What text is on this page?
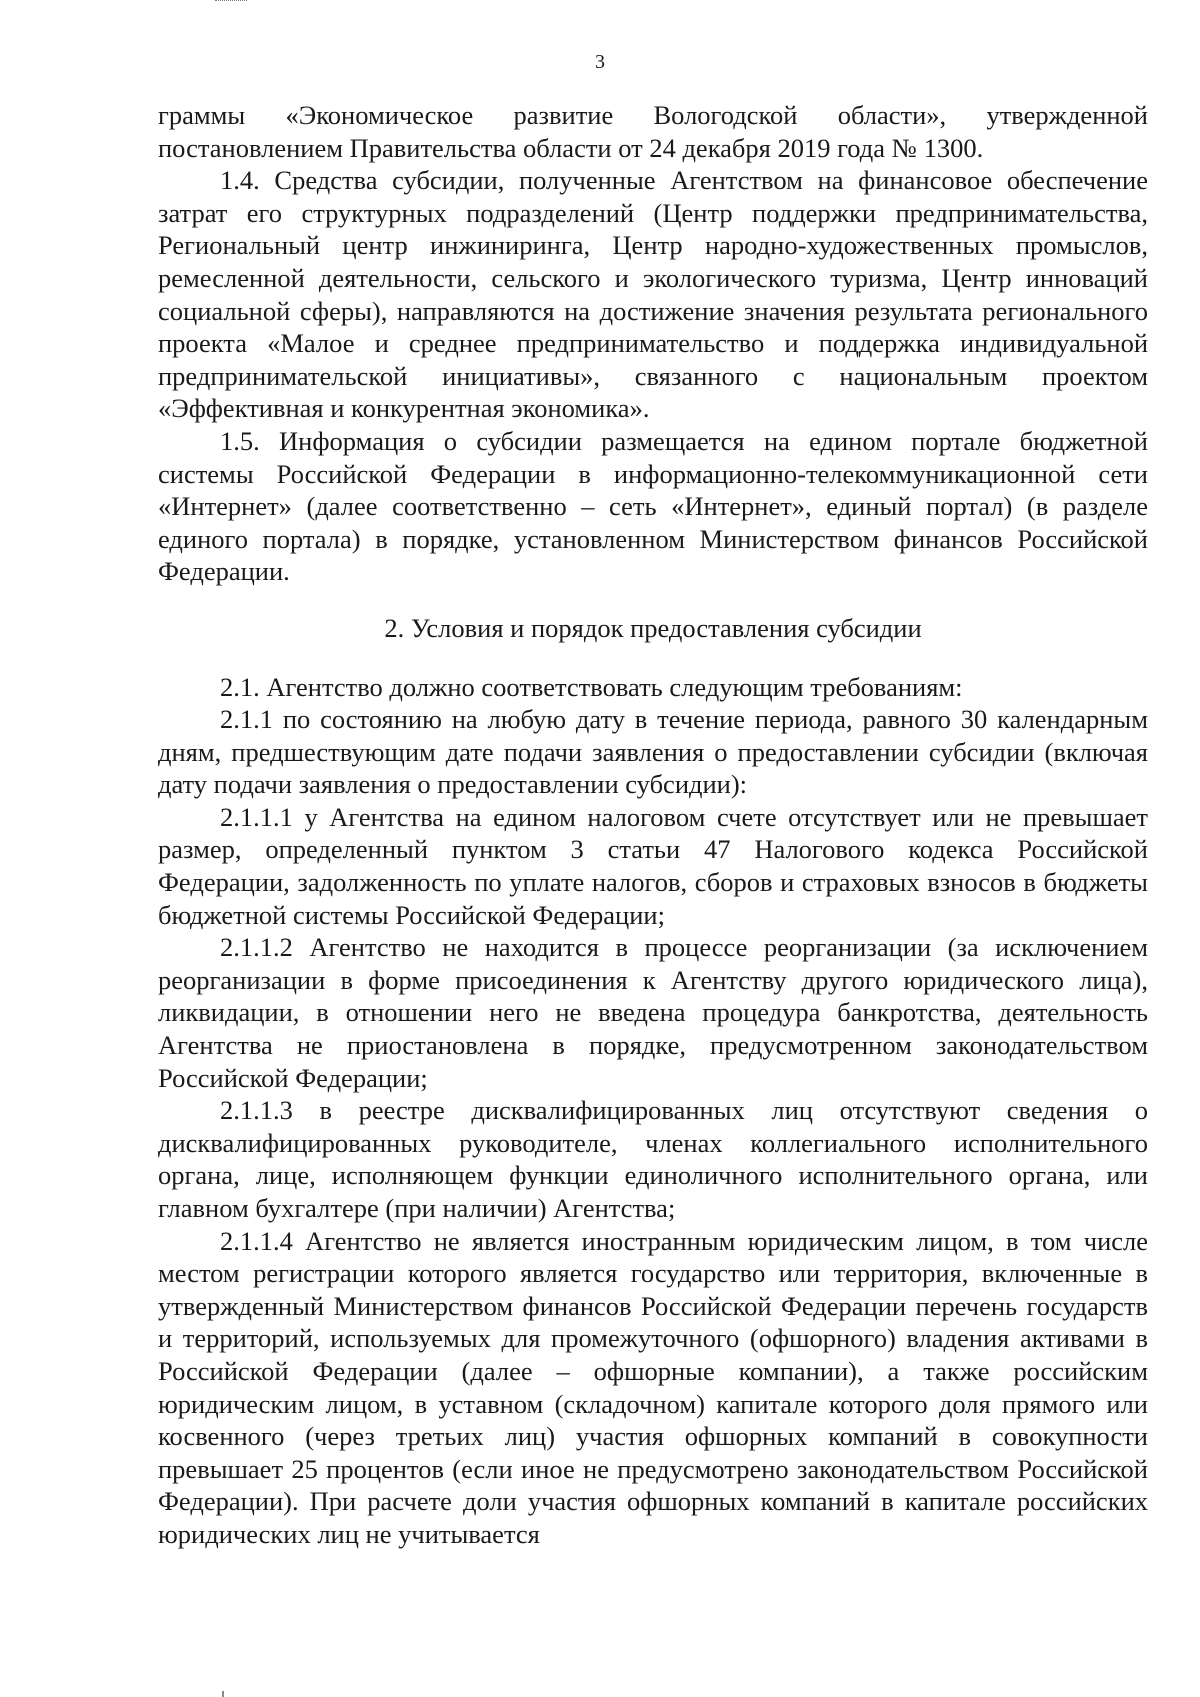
3

граммы «Экономическое развитие Вологодской области», утвержденной постановлением Правительства области от 24 декабря 2019 года № 1300.

1.4. Средства субсидии, полученные Агентством на финансовое обеспечение затрат его структурных подразделений (Центр поддержки предпринимательства, Региональный центр инжиниринга, Центр народно-художественных промыслов, ремесленной деятельности, сельского и экологического туризма, Центр инноваций социальной сферы), направляются на достижение значения результата регионального проекта «Малое и среднее предпринимательство и поддержка индивидуальной предпринимательской инициативы», связанного с национальным проектом «Эффективная и конкурентная экономика».

1.5. Информация о субсидии размещается на едином портале бюджетной системы Российской Федерации в информационно-телекоммуникационной сети «Интернет» (далее соответственно – сеть «Интернет», единый портал) (в разделе единого портала) в порядке, установленном Министерством финансов Российской Федерации.

2. Условия и порядок предоставления субсидии

2.1. Агентство должно соответствовать следующим требованиям:

2.1.1 по состоянию на любую дату в течение периода, равного 30 календарным дням, предшествующим дате подачи заявления о предоставлении субсидии (включая дату подачи заявления о предоставлении субсидии):

2.1.1.1 у Агентства на едином налоговом счете отсутствует или не превышает размер, определенный пунктом 3 статьи 47 Налогового кодекса Российской Федерации, задолженность по уплате налогов, сборов и страховых взносов в бюджеты бюджетной системы Российской Федерации;

2.1.1.2 Агентство не находится в процессе реорганизации (за исключением реорганизации в форме присоединения к Агентству другого юридического лица), ликвидации, в отношении него не введена процедура банкротства, деятельность Агентства не приостановлена в порядке, предусмотренном законодательством Российской Федерации;

2.1.1.3 в реестре дисквалифицированных лиц отсутствуют сведения о дисквалифицированных руководителе, членах коллегиального исполнительного органа, лице, исполняющем функции единоличного исполнительного органа, или главном бухгалтере (при наличии) Агентства;

2.1.1.4 Агентство не является иностранным юридическим лицом, в том числе местом регистрации которого является государство или территория, включенные в утвержденный Министерством финансов Российской Федерации перечень государств и территорий, используемых для промежуточного (офшорного) владения активами в Российской Федерации (далее – офшорные компании), а также российским юридическим лицом, в уставном (складочном) капитале которого доля прямого или косвенного (через третьих лиц) участия офшорных компаний в совокупности превышает 25 процентов (если иное не предусмотрено законодательством Российской Федерации). При расчете доли участия офшорных компаний в капитале российских юридических лиц не учитывается
